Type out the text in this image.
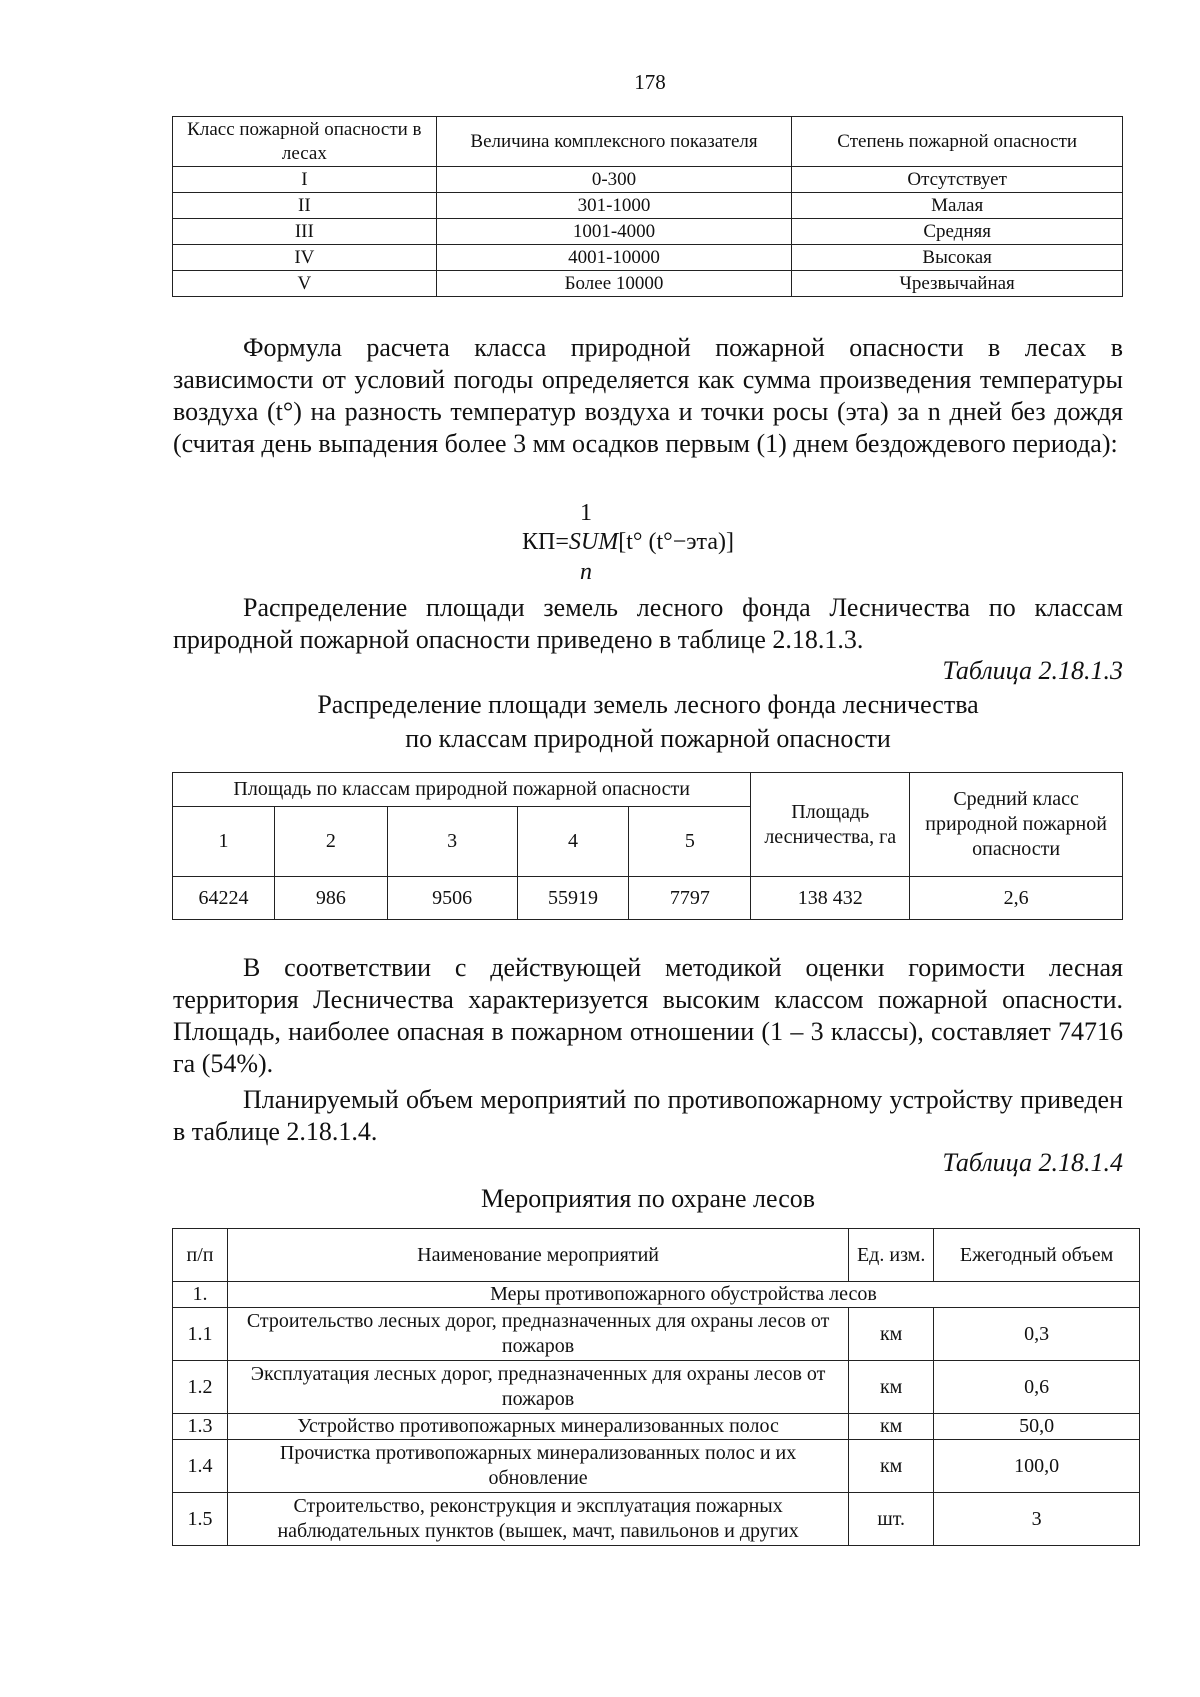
178
Класс пожарной опасности в лесах	Величина комплексного показателя	Степень пожарной опасности
I	0-300	Отсутствует
II	301-1000	Малая
III	1001-4000	Средняя
IV	4001-10000	Высокая
V	Более 10000	Чрезвычайная
Формула расчета класса природной пожарной опасности в лесах в зависимости от условий погоды определяется как сумма произведения температуры воздуха (t°) на разность температур воздуха и точки росы (эта) за n дней без дождя (считая день выпадения более 3 мм осадков первым (1) днем бездождевого периода):
1
КП=SUM[t° (t°−эта)]
n
Распределение площади земель лесного фонда Лесничества по классам природной пожарной опасности приведено в таблице 2.18.1.3.
Таблица 2.18.1.3
Распределение площади земель лесного фонда лесничества
по классам природной пожарной опасности
Площадь по классам природной пожарной опасности					Площадь лесничества, га	Средний класс природной пожарной опасности
1	2	3	4	5		
64224	986	9506	55919	7797	138 432	2,6
В соответствии с действующей методикой оценки горимости лесная территория Лесничества характеризуется высоким классом пожарной опасности. Площадь, наиболее опасная в пожарном отношении (1 – 3 классы), составляет 74716 га (54%).
Планируемый объем мероприятий по противопожарному устройству приведен в таблице 2.18.1.4.
Таблица 2.18.1.4
Мероприятия по охране лесов
п/п	Наименование мероприятий	Ед. изм.	Ежегодный объем
1.	Меры противопожарного обустройства лесов		
1.1	Строительство лесных дорог, предназначенных для охраны лесов от пожаров	км	0,3
1.2	Эксплуатация лесных дорог, предназначенных для охраны лесов от пожаров	км	0,6
1.3	Устройство противопожарных минерализованных полос	км	50,0
1.4	Прочистка противопожарных минерализованных полос и их обновление	км	100,0
1.5	Строительство, реконструкция и эксплуатация пожарных наблюдательных пунктов (вышек, мачт, павильонов и других	шт.	3
